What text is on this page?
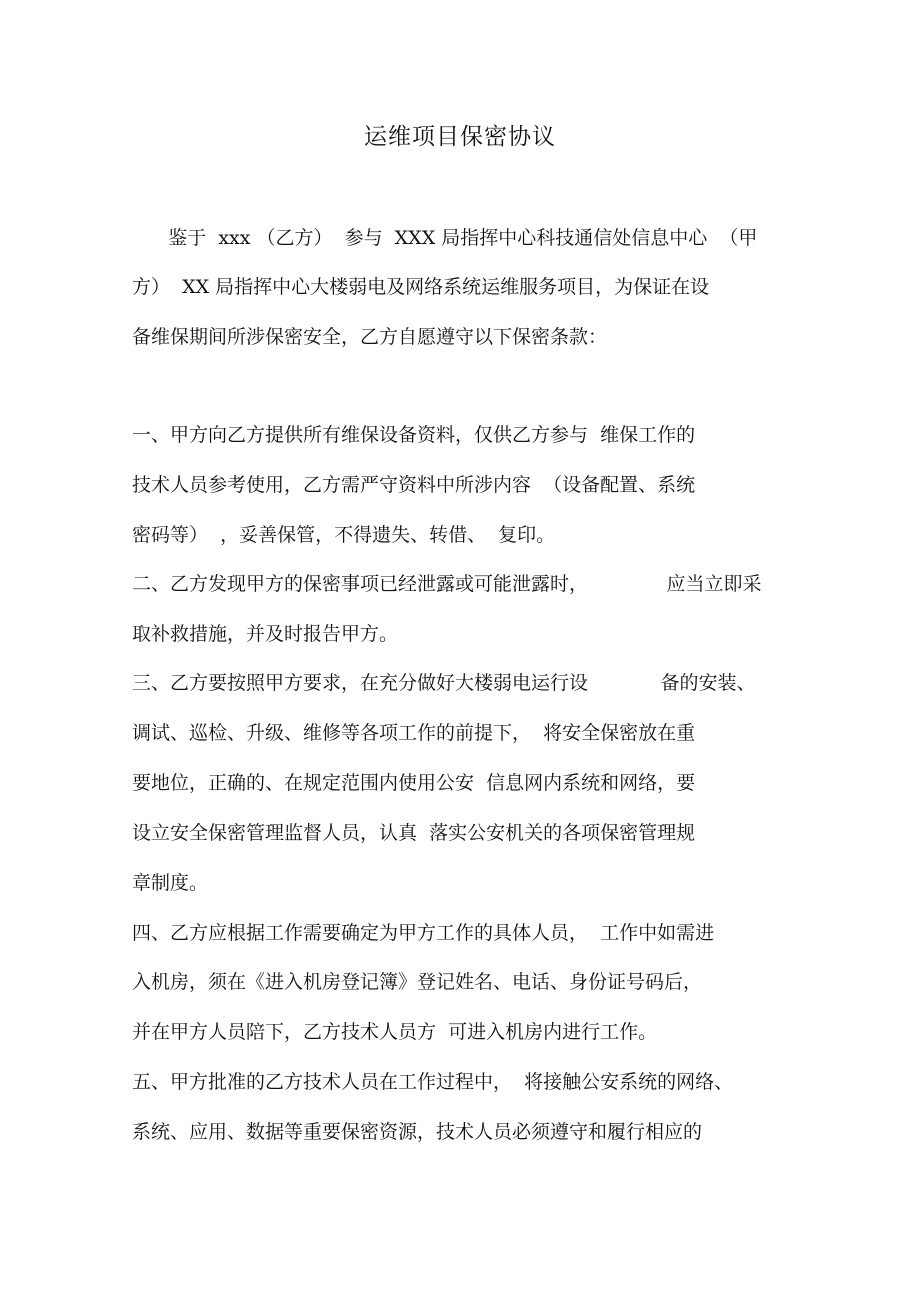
运维项目保密协议
鉴于  xxx （乙方）  参与  XXX 局指挥中心科技通信处信息中心  （甲
方）  XX 局指挥中心大楼弱电及网络系统运维服务项目，为保证在设
备维保期间所涉保密安全，乙方自愿遵守以下保密条款：
一、甲方向乙方提供所有维保设备资料，仅供乙方参与  维保工作的
技术人员参考使用，乙方需严守资料中所涉内容  （设备配置、系统
密码等）  ，妥善保管，不得遗失、转借、  复印。
二、乙方发现甲方的保密事项已经泄露或可能泄露时，             应当立即采
取补救措施，并及时报告甲方。
三、乙方要按照甲方要求，在充分做好大楼弱电运行设            备的安装、
调试、巡检、升级、维修等各项工作的前提下，  将安全保密放在重
要地位，正确的、在规定范围内使用公安  信息网内系统和网络，要
设立安全保密管理监督人员，认真  落实公安机关的各项保密管理规
章制度。
四、乙方应根据工作需要确定为甲方工作的具体人员，  工作中如需进
入机房，须在《进入机房登记簿》登记姓名、电话、身份证号码后，
并在甲方人员陪下，乙方技术人员方  可进入机房内进行工作。
五、甲方批准的乙方技术人员在工作过程中，  将接触公安系统的网络、
系统、应用、数据等重要保密资源，技术人员必须遵守和履行相应的
